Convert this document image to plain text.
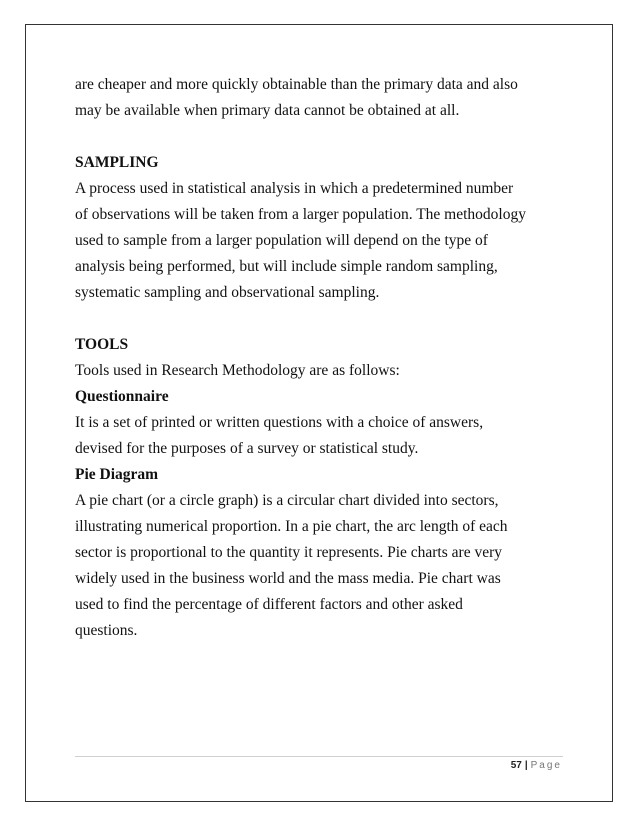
are cheaper and more quickly obtainable than the primary data and also
may be available when primary data cannot be obtained at all.
SAMPLING
A process used in statistical analysis in which a predetermined number
of observations will be taken from a larger population. The methodology
used to sample from a larger population will depend on the type of
analysis being performed, but will include simple random sampling,
systematic sampling and observational sampling.
TOOLS
Tools used in Research Methodology are as follows:
Questionnaire
It is a set of printed or written questions with a choice of answers,
devised for the purposes of a survey or statistical study.
Pie Diagram
A pie chart (or a circle graph) is a circular chart divided into sectors,
illustrating numerical proportion. In a pie chart, the arc length of each
sector is proportional to the quantity it represents. Pie charts are very
widely used in the business world and the mass media. Pie chart was
used to find the percentage of different factors and other asked
questions.
57 | Page
